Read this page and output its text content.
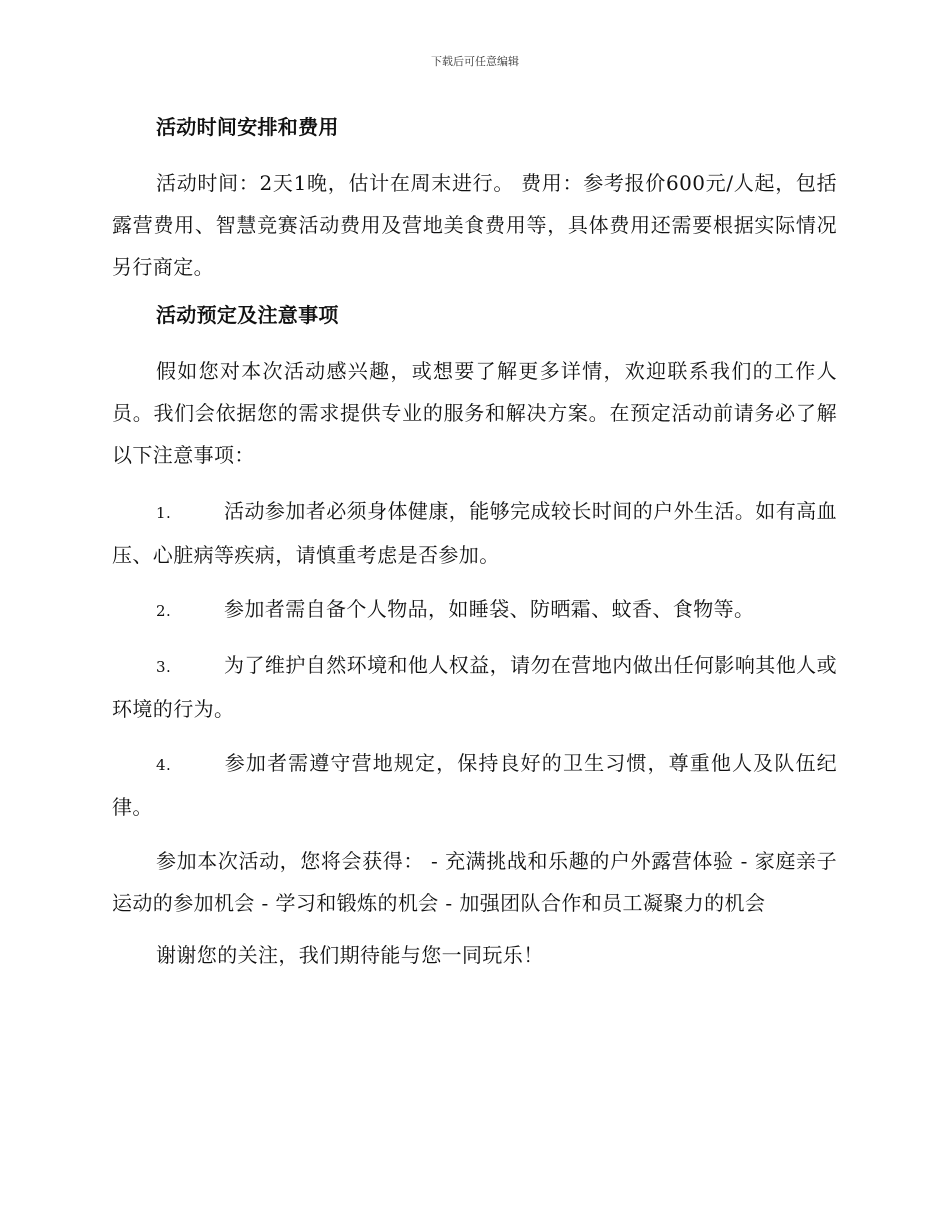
下载后可任意编辑

活动时间安排和费用

活动时间：2天1晚，估计在周末进行。 费用：参考报价600元/人起，包括露营费用、智慧竞赛活动费用及营地美食费用等，具体费用还需要根据实际情况另行商定。

活动预定及注意事项

假如您对本次活动感兴趣，或想要了解更多详情，欢迎联系我们的工作人员。我们会依据您的需求提供专业的服务和解决方案。在预定活动前请务必了解以下注意事项：

1.	活动参加者必须身体健康，能够完成较长时间的户外生活。如有高血压、心脏病等疾病，请慎重考虑是否参加。

2.	参加者需自备个人物品，如睡袋、防晒霜、蚊香、食物等。

3.	为了维护自然环境和他人权益，请勿在营地内做出任何影响其他人或环境的行为。

4.	参加者需遵守营地规定，保持良好的卫生习惯，尊重他人及队伍纪律。

参加本次活动，您将会获得： - 充满挑战和乐趣的户外露营体验 - 家庭亲子运动的参加机会 - 学习和锻炼的机会 - 加强团队合作和员工凝聚力的机会

谢谢您的关注，我们期待能与您一同玩乐！
